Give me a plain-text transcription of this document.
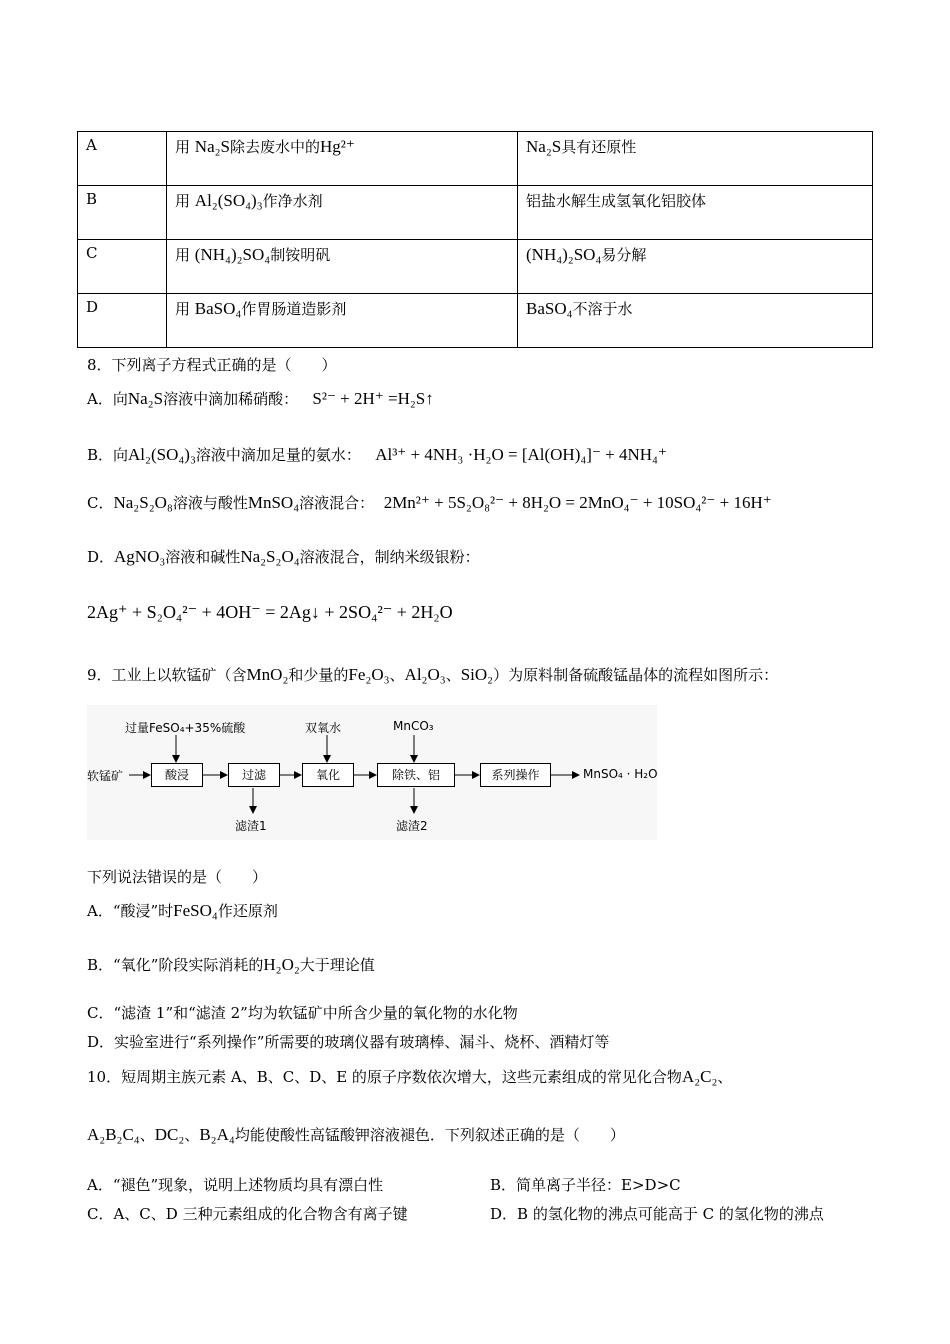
A	用 Na₂S除去废水中的Hg²⁺	Na₂S具有还原性
B	用 Al₂(SO₄)₃作净水剂	铝盐水解生成氢氧化铝胶体
C	用 (NH₄)₂SO₄制铵明矾	(NH₄)₂SO₄易分解
D	用 BaSO₄作胃肠道造影剂	BaSO₄不溶于水
8．下列离子方程式正确的是（　　）
A．向Na₂S溶液中滴加稀硝酸： S²⁻ + 2H⁺ =H₂S↑
B．向Al₂(SO₄)₃溶液中滴加足量的氨水： Al³⁺ + 4NH₃ ·H₂O = [Al(OH)₄]⁻ + 4NH₄⁺
C．Na₂S₂O₈溶液与酸性MnSO₄溶液混合： 2Mn²⁺ + 5S₂O₈²⁻ + 8H₂O = 2MnO₄⁻ + 10SO₄²⁻ + 16H⁺
D．AgNO₃溶液和碱性Na₂S₂O₄溶液混合，制纳米级银粉：
2Ag⁺ + S₂O₄²⁻ + 4OH⁻ = 2Ag↓ + 2SO₄²⁻ + 2H₂O
9．工业上以软锰矿（含MnO₂和少量的Fe₂O₃、Al₂O₃、SiO₂）为原料制备硫酸锰晶体的流程如图所示：
软锰矿	酸浸	过滤	氧化	除铁、铝	系列操作	MnSO₄ · H₂O
过量FeSO₄+35%硫酸	双氧水	MnCO₃
滤渣1	滤渣2
下列说法错误的是（　　）
A．“酸浸”时FeSO₄作还原剂
B．“氧化”阶段实际消耗的H₂O₂大于理论值
C．“滤渣 1”和“滤渣 2”均为软锰矿中所含少量的氧化物的水化物
D．实验室进行“系列操作”所需要的玻璃仪器有玻璃棒、漏斗、烧杯、酒精灯等
10．短周期主族元素 A、B、C、D、E 的原子序数依次增大，这些元素组成的常见化合物A₂C₂、
A₂B₂C₄、DC₂、B₂A₄均能使酸性高锰酸钾溶液褪色．下列叙述正确的是（　　）
A．“褪色”现象，说明上述物质均具有漂白性	B．简单离子半径：E>D>C
C．A、C、D 三种元素组成的化合物含有离子键	D．B 的氢化物的沸点可能高于 C 的氢化物的沸点
